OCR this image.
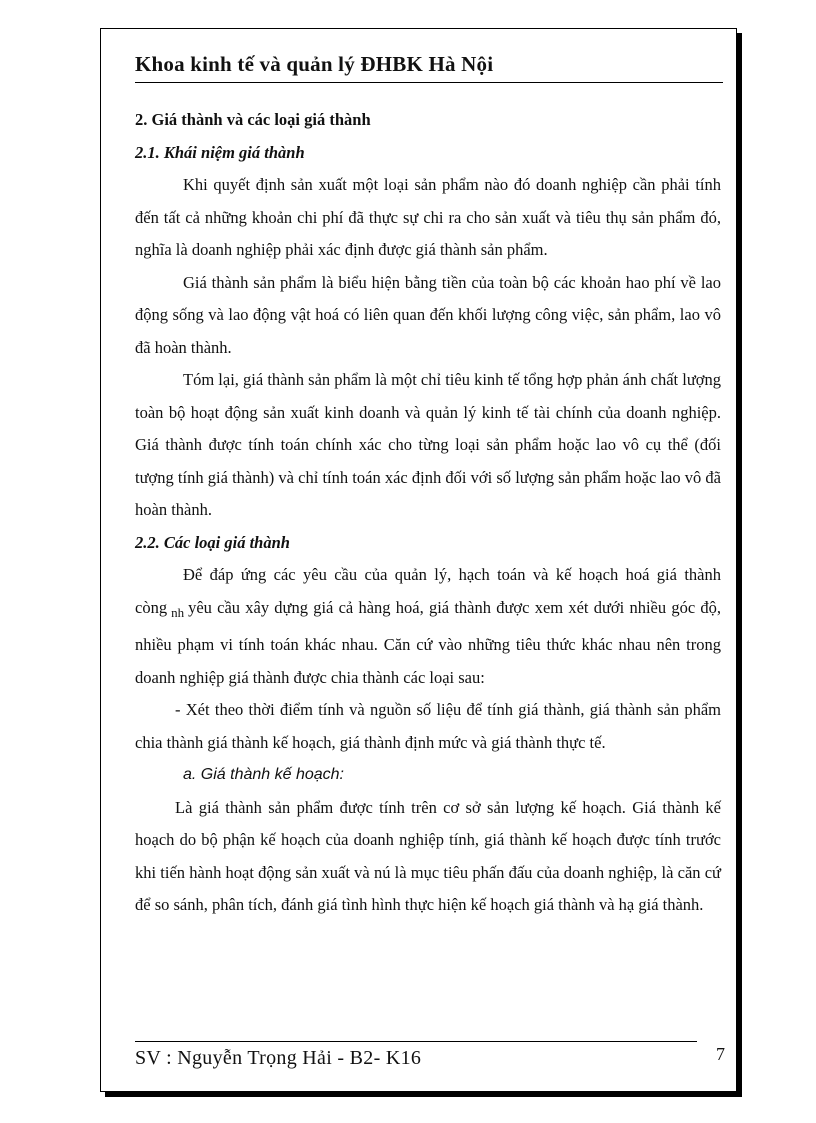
Khoa kinh tế và quản lý ĐHBK Hà Nội

2. Giá thành và các loại giá thành

2.1. Khái niệm giá thành

Khi quyết định sản xuất một loại sản phẩm nào đó doanh nghiệp cần phải tính đến tất cả những khoản chi phí đã thực sự chi ra cho sản xuất và tiêu thụ sản phẩm đó, nghĩa là doanh nghiệp phải xác định được giá thành sản phẩm.

Giá thành sản phẩm là biểu hiện bằng tiền của toàn bộ các khoản hao phí về lao động sống và lao động vật hoá có liên quan đến khối lượng công việc, sản phẩm, lao vô đã hoàn thành.

Tóm lại, giá thành sản phẩm là một chỉ tiêu kinh tế tổng hợp phản ánh chất lượng toàn bộ hoạt động sản xuất kinh doanh và quản lý kinh tế tài chính của doanh nghiệp. Giá thành được tính toán chính xác cho từng loại sản phẩm hoặc lao vô cụ thể (đối tượng tính giá thành) và chỉ tính toán xác định đối với số lượng sản phẩm hoặc lao vô đã hoàn thành.

2.2. Các loại giá thành

Để đáp ứng các yêu cầu của quản lý, hạch toán và kế hoạch hoá giá thành còng $_{nh}$ yêu cầu xây dựng giá cả hàng hoá, giá thành được xem xét dưới nhiều góc độ, nhiều phạm vi tính toán khác nhau. Căn cứ vào những tiêu thức khác nhau nên trong doanh nghiệp giá thành được chia thành các loại sau:

- Xét theo thời điểm tính và nguồn số liệu để tính giá thành, giá thành sản phẩm chia thành giá thành kế hoạch, giá thành định mức và giá thành thực tế.

a. Giá thành kế hoạch:

Là giá thành sản phẩm được tính trên cơ sở sản lượng kế hoạch. Giá thành kế hoạch do bộ phận kế hoạch của doanh nghiệp tính, giá thành kế hoạch được tính trước khi tiến hành hoạt động sản xuất và nú là mục tiêu phấn đấu của doanh nghiệp, là căn cứ để so sánh, phân tích, đánh giá tình hình thực hiện kế hoạch giá thành và hạ giá thành.

SV : Nguyễn Trọng Hải - B2- K16	7
